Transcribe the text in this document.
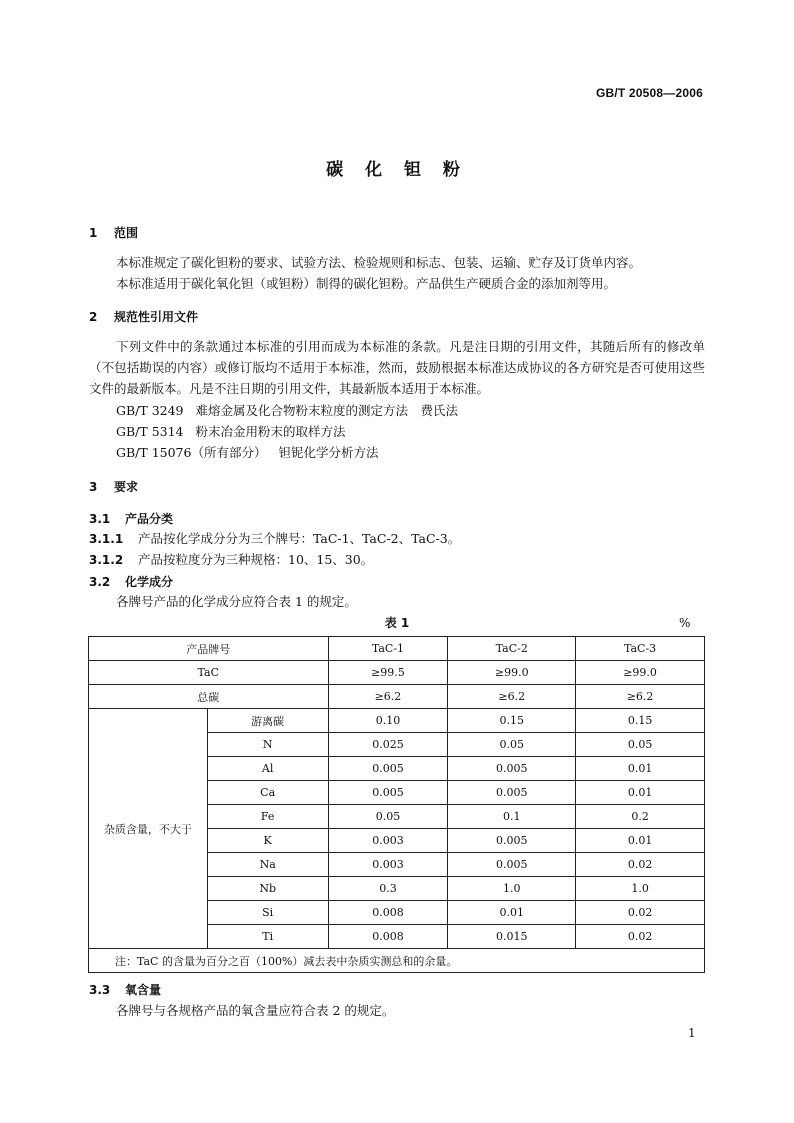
GB/T 20508—2006
碳 化 钽 粉
1 范围
本标准规定了碳化钽粉的要求、试验方法、检验规则和标志、包装、运输、贮存及订货单内容。
本标准适用于碳化氧化钽（或钽粉）制得的碳化钽粉。产品供生产硬质合金的添加剂等用。
2 规范性引用文件
下列文件中的条款通过本标准的引用而成为本标准的条款。凡是注日期的引用文件，其随后所有的修改单（不包括勘误的内容）或修订版均不适用于本标准，然而，鼓励根据本标准达成协议的各方研究是否可使用这些文件的最新版本。凡是不注日期的引用文件，其最新版本适用于本标准。
GB/T 3249 难熔金属及化合物粉末粒度的测定方法　费氏法
GB/T 5314 粉末冶金用粉末的取样方法
GB/T 15076（所有部分） 钽铌化学分析方法
3 要求
3.1 产品分类
3.1.1 产品按化学成分分为三个牌号：TaC-1、TaC-2、TaC-3。
3.1.2 产品按粒度分为三种规格：10、15、30。
3.2 化学成分
各牌号产品的化学成分应符合表 1 的规定。
表 1	%
产品牌号		TaC-1	TaC-2	TaC-3
TaC		≥99.5	≥99.0	≥99.0
总碳		≥6.2	≥6.2	≥6.2
杂质含量，不大于	游离碳	0.10	0.15	0.15
	N	0.025	0.05	0.05
	Al	0.005	0.005	0.01
	Ca	0.005	0.005	0.01
	Fe	0.05	0.1	0.2
	K	0.003	0.005	0.01
	Na	0.003	0.005	0.02
	Nb	0.3	1.0	1.0
	Si	0.008	0.01	0.02
	Ti	0.008	0.015	0.02
注：TaC 的含量为百分之百（100%）减去表中杂质实测总和的余量。				
3.3 氧含量
各牌号与各规格产品的氧含量应符合表 2 的规定。
1
